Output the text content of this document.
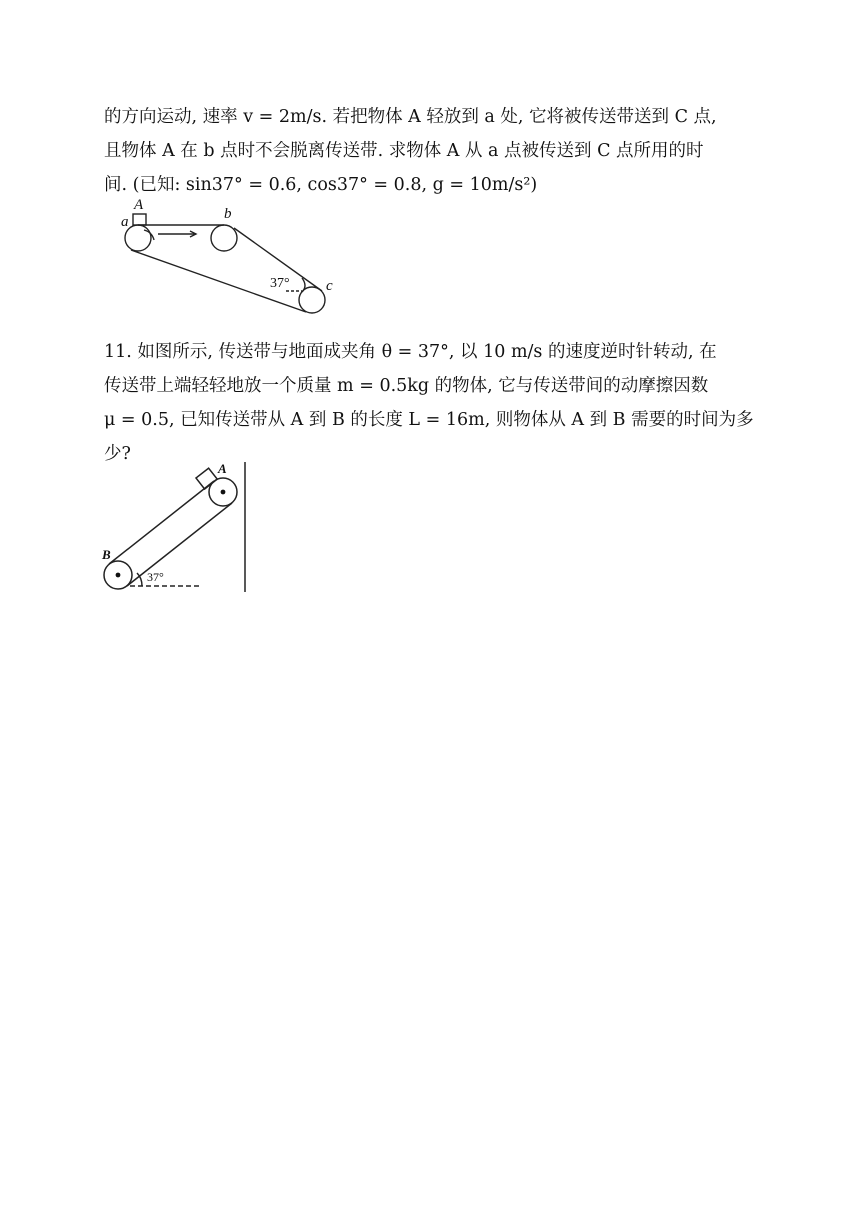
的方向运动, 速率 v = 2m/s. 若把物体 A 轻放到 a 处, 它将被传送带送到 C 点,
且物体 A 在 b 点时不会脱离传送带. 求物体 A 从 a 点被传送到 C 点所用的时
间. (已知: sin37° = 0.6, cos37° = 0.8, g = 10m/s²)
A
a	b
c
37°
11. 如图所示, 传送带与地面成夹角 θ = 37°, 以 10 m/s 的速度逆时针转动, 在
传送带上端轻轻地放一个质量 m = 0.5kg 的物体, 它与传送带间的动摩擦因数
μ = 0.5, 已知传送带从 A 到 B 的长度 L = 16m, 则物体从 A 到 B 需要的时间为多
少?
A
B
37°
